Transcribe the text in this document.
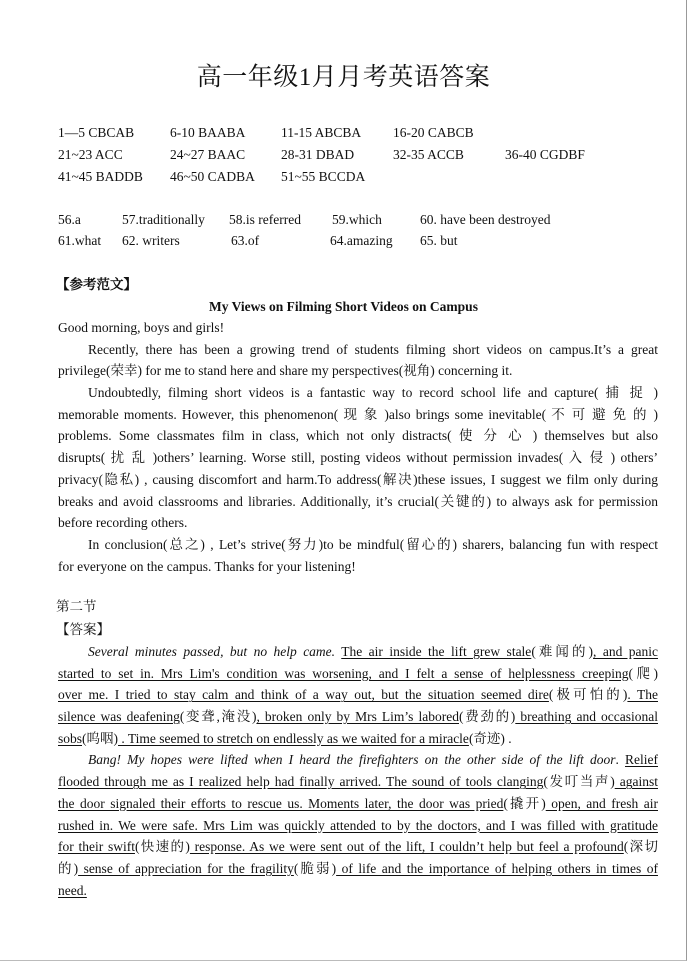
高一年级1月月考英语答案
1—5 CBCAB	6-10 BAABA	11-15 ABCBA 16-20 CABCB
21~23 ACC	24~27 BAAC	28-31 DBAD	32-35 ACCB	36-40 CGDBF
41~45 BADDB 46~50 CADBA 51~55 BCCDA
56.a	57.traditionally 58.is referred 59.which	60. have been destroyed
61.what 62. writers	63.of	64.amazing 65. but
【参考范文】
My Views on Filming Short Videos on Campus
Good morning, boys and girls!
Recently, there has been a growing trend of students filming short videos on campus.It’s a great
privilege(荣幸) for me to stand here and share my perspectives(视角) concerning it.
Undoubtedly, filming short videos is a fantastic way to record school life and capture( 捕 捉 )
memorable moments. However, this phenomenon( 现 象 )also brings some inevitable( 不 可 避 免 的 )
problems. Some classmates film in class, which not only distracts( 使 分 心 ) themselves but also
disrupts( 扰 乱 )others’ learning. Worse still, posting videos without permission invades( 入 侵 ) others’
privacy(隐私) , causing discomfort and harm.To address(解决)these issues, I suggest we film only during
breaks and avoid classrooms and libraries. Additionally, it’s crucial(关键的) to always ask for permission
before recording others.
In conclusion(总之) , Let’s strive(努力)to be mindful(留心的) sharers, balancing fun with respect
for everyone on the campus. Thanks for your listening!
第二节
【答案】
Several minutes passed, but no help came. The air inside the lift grew stale(难闻的), and panic
started to set in. Mrs Lim's condition was worsening, and I felt a sense of helplessness creeping(爬)
over me. I tried to stay calm and think of a way out, but the situation seemed dire(极可怕的). The
silence was deafening(变聋,淹没), broken only by Mrs Lim’s labored(费劲的) breathing and occasional
sobs(呜咽) . Time seemed to stretch on endlessly as we waited for a miracle(奇迹) .
Bang! My hopes were lifted when I heard the firefighters on the other side of the lift door. Relief
flooded through me as I realized help had finally arrived. The sound of tools clanging(发叮当声) against
the door signaled their efforts to rescue us. Moments later, the door was pried(撬开) open, and fresh air
rushed in. We were safe. Mrs Lim was quickly attended to by the doctors, and I was filled with gratitude
for their swift(快速的) response. As we were sent out of the lift, I couldn’t help but feel a profound(深切
的) sense of appreciation for the fragility(脆弱) of life and the importance of helping others in times of
need.
